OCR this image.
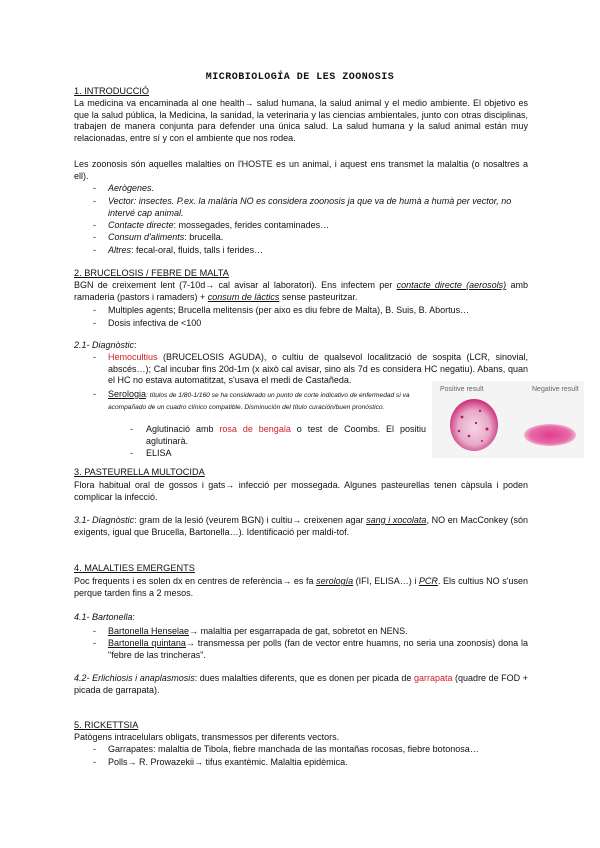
MICROBIOLOGÍA DE LES ZOONOSIS
1. INTRODUCCIÓ
La medicina va encaminada al one health→ salud humana, la salud animal y el medio ambiente. El objetivo es que la salud pública, la Medicina, la sanidad, la veterinaria y las ciencias ambientales, junto con otras disciplinas, trabajen de manera conjunta para defender una única salud. La salud humana y la salud animal están muy relacionadas, entre sí y con el ambiente que nos rodea.
Les zoonosis són aquelles malalties on l'HOSTE es un animal, i aquest ens transmet la malaltia (o nosaltres a ell).
- Aerògenes.
- Vector: insectes. P.ex. la malària NO es considera zoonosis ja que va de humà a humà per vector, no intervé cap animal.
- Contacte directe: mossegades, ferides contaminades…
- Consum d'aliments: brucella.
- Altres: fecal-oral, fluids, talls i ferides…
2. BRUCELOSIS / FEBRE DE MALTA
BGN de creixement lent (7-10d→ cal avisar al laboratori). Ens infectem per contacte directe (aerosols) amb ramaderia (pastors i ramaders) + consum de làctics sense pasteuritzar.
- Multiples agents; Brucella melitensis (per aixo es diu febre de Malta), B. Suis, B. Abortus…
- Dosis infectiva de <100
2.1- Diagnòstic:
- Hemocultius (BRUCELOSIS AGUDA), o cultiu de qualsevol localització de sospita (LCR, sinovial, abscés…); Cal incubar fins 20d-1m (x això cal avisar, sino als 7d es considera HC negatiu). Abans, quan el HC no estava automatitzat, s'usava el medi de Castañeda.
- Serologia: títulos de 1/80-1/160 se ha considerado un punto de corte indicativo de enfermedad si va acompañado de un cuadro clínico compatible. Disminución del título curación/buen pronóstico.
- Aglutinació amb rosa de bengala o test de Coombs. El positiu aglutinarà.
- ELISA
Positive result	Negative result
3. PASTEURELLA MULTOCIDA
Flora habitual oral de gossos i gats→ infecció per mossegada. Algunes pasteurellas tenen càpsula i poden complicar la infecció.
3.1- Diagnòstic: gram de la lesió (veurem BGN) i cultiu→ creixenen agar sang i xocolata, NO en MacConkey (són exigents, igual que Brucella, Bartonella…). Identificació per maldi-tof.
4. MALALTIES EMERGENTS
Poc frequents i es solen dx en centres de referència→ es fa serología (IFI, ELISA…) i PCR. Els cultius NO s'usen perque tarden fins a 2 mesos.
4.1- Bartonella:
- Bartonella Henselae→ malaltia per esgarrapada de gat, sobretot en NENS.
- Bartonella quintana→ transmessa per polls (fan de vector entre huamns, no seria una zoonosis) dona la "febre de las trincheras".
4.2- Erlichiosis i anaplasmosis: dues malalties diferents, que es donen per picada de garrapata (quadre de FOD + picada de garrapata).
5. RICKETTSIA
Patògens intracelulars obligats, transmessos per diferents vectors.
- Garrapates: malaltia de Tibola, fiebre manchada de las montañas rocosas, fiebre botonosa…
- Polls→ R. Prowazekii→ tifus exantèmic. Malaltia epidèmica.
